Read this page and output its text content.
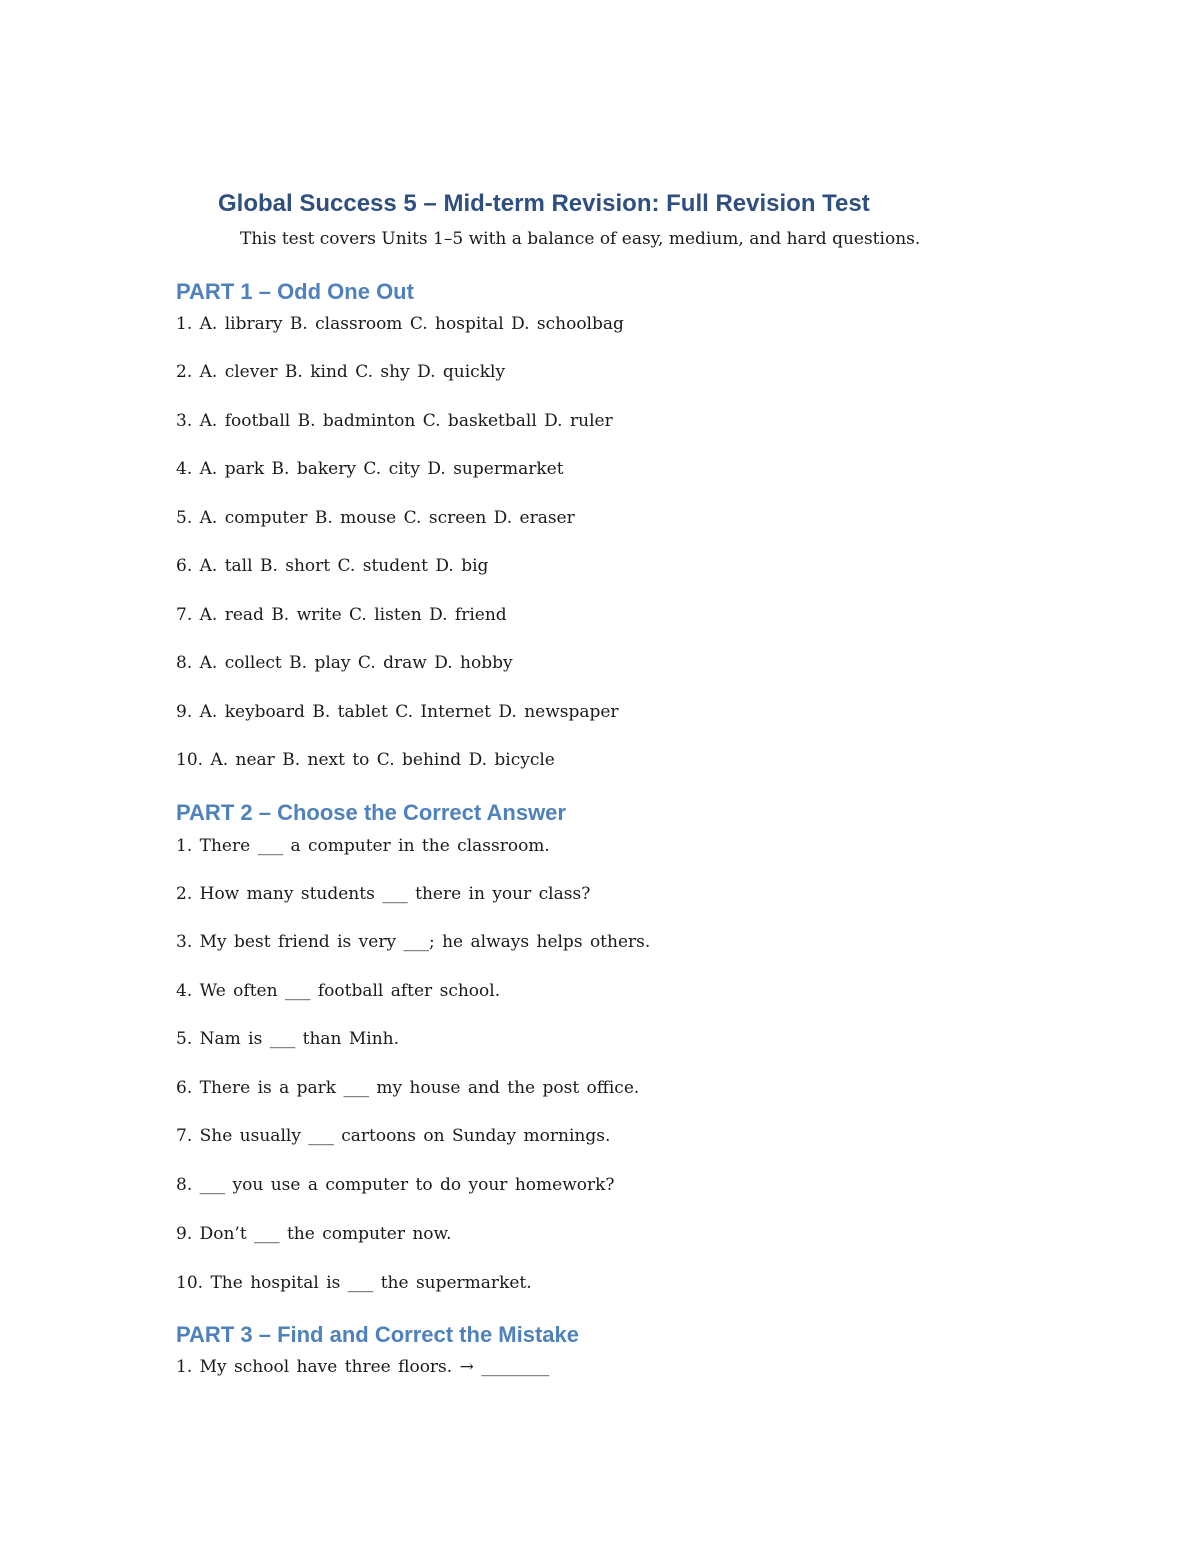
Global Success 5 – Mid-term Revision: Full Revision Test
This test covers Units 1–5 with a balance of easy, medium, and hard questions.
PART 1 – Odd One Out
1. A. library B. classroom C. hospital D. schoolbag
2. A. clever B. kind C. shy D. quickly
3. A. football B. badminton C. basketball D. ruler
4. A. park B. bakery C. city D. supermarket
5. A. computer B. mouse C. screen D. eraser
6. A. tall B. short C. student D. big
7. A. read B. write C. listen D. friend
8. A. collect B. play C. draw D. hobby
9. A. keyboard B. tablet C. Internet D. newspaper
10. A. near B. next to C. behind D. bicycle
PART 2 – Choose the Correct Answer
1. There ___ a computer in the classroom.
2. How many students ___ there in your class?
3. My best friend is very ___; he always helps others.
4. We often ___ football after school.
5. Nam is ___ than Minh.
6. There is a park ___ my house and the post office.
7. She usually ___ cartoons on Sunday mornings.
8. ___ you use a computer to do your homework?
9. Don’t ___ the computer now.
10. The hospital is ___ the supermarket.
PART 3 – Find and Correct the Mistake
1. My school have three floors. → ________
